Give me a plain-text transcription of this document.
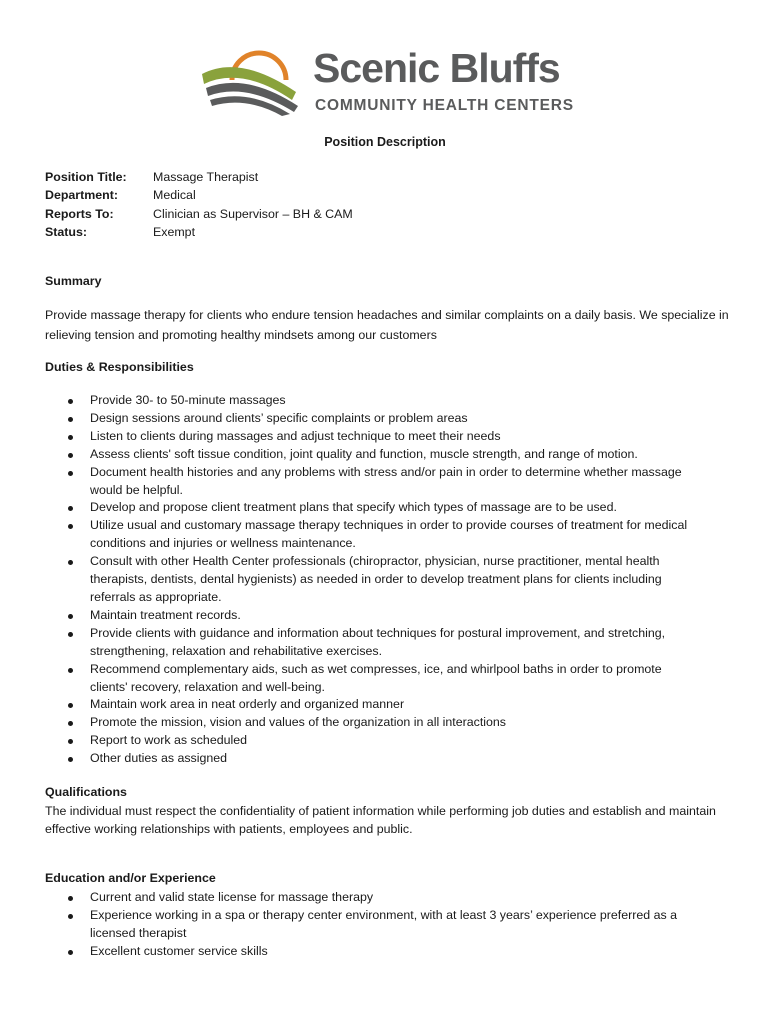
Scenic Bluffs
COMMUNITY HEALTH CENTERS
Position Description
Position Title: Massage Therapist
Department:	Medical
Reports To:	Clinician as Supervisor – BH & CAM
Status:	Exempt
Summary
Provide massage therapy for clients who endure tension headaches and similar complaints on a daily basis. We specialize in relieving tension and promoting healthy mindsets among our customers
Duties & Responsibilities
Provide 30- to 50-minute massages
Design sessions around clients’ specific complaints or problem areas
Listen to clients during massages and adjust technique to meet their needs
Assess clients' soft tissue condition, joint quality and function, muscle strength, and range of motion.
Document health histories and any problems with stress and/or pain in order to determine whether massage would be helpful.
Develop and propose client treatment plans that specify which types of massage are to be used.
Utilize usual and customary massage therapy techniques in order to provide courses of treatment for medical conditions and injuries or wellness maintenance.
Consult with other Health Center professionals (chiropractor, physician, nurse practitioner, mental health therapists, dentists, dental hygienists) as needed in order to develop treatment plans for clients including referrals as appropriate.
Maintain treatment records.
Provide clients with guidance and information about techniques for postural improvement, and stretching, strengthening, relaxation and rehabilitative exercises.
Recommend complementary aids, such as wet compresses, ice, and whirlpool baths in order to promote clients' recovery, relaxation and well-being.
Maintain work area in neat orderly and organized manner
Promote the mission, vision and values of the organization in all interactions
Report to work as scheduled
Other duties as assigned
Qualifications
The individual must respect the confidentiality of patient information while performing job duties and establish and maintain effective working relationships with patients, employees and public.
Education and/or Experience
Current and valid state license for massage therapy
Experience working in a spa or therapy center environment, with at least 3 years’ experience preferred as a licensed therapist
Excellent customer service skills
